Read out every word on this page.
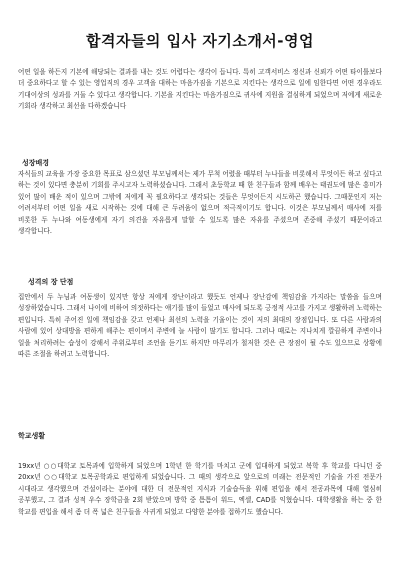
합격자들의 입사 자기소개서-영업

어떤 일을 하든지 기본에 해당되는 결과를 내는 것도 어렵다는 생각이 듭니다. 특히 고객서비스 정신과 신뢰가 어떤 타이틀보다 더 중요하다고 할 수 있는 영업직의 경우 고객을 대하는 마음가짐을 기본으로 지킨다는 생각으로 일에 임한다면 어떤 경우라도 기대이상의 성과를 거둘 수 있다고 생각합니다. 기본을 지킨다는 마음가짐으로 귀사에 지원을 결심하게 되었으며 저에게 새로운 기회라 생각하고 최선을 다하겠습니다

성장배경

자식들의 교육을 가장 중요한 목표로 삼으셨던 부모님께서는 제가 무척 어렸을 때부터 누나들을 비롯해서 무엇이든 하고 싶다고 하는 것이 있다면 충분히 기회를 주시고자 노력하셨습니다. 그래서 초등학교 때 한 친구들과 함께 배우는 태권도에 많은 흥미가 있어 많이 배운 적이 있으며 그밖에 저에게 꼭 필요하다고 생각되는 것들은 무엇이든지 시도하곤 했습니다. 그때문인지 저는 어려서부터 어떤 일을 새로 시작하는 것에 대해 큰 두려움이 없으며 적극적이기도 합니다. 이것은 부모님께서 매사에 저를 비롯한 두 누나와 여동생에게 자기 의견을 자유롭게 말할 수 있도록 많은 자유를 주셨으며 존중해 주셨기 때문이라고 생각합니다.

성격의 장 단점

집안에서 두 누님과 여동생이 있지만 항상 저에게 장난이라고 했듯도 언제나 장난감에 책임감을 가지라는 말씀을 들으며 성장하였습니다. 그래서 나이에 비하여 의젓하다는 얘기를 많이 들었고 매사에 되도록 긍정적 사고를 가지고 생활하려 노력하는 편입니다. 특히 주어진 일에 책임감을 갖고 언제나 최선의 노력을 기울이는 것이 저의 최대의 장점입니다. 또 다른 사람과의 사람에 있어 상대방을 편하게 해주는 편이며서 주변에 늘 사람이 많기도 합니다. 그러나 때로는 지나치게 깔끔하게 주변이나 일을 처리하려는 습성이 강해서 주위로부터 조언을 듣기도 하지만 마무리가 철저한 것은 큰 장점이 될 수도 있으므로 상황에 따른 조절을 하려고 노력합니다.

학교생활

19xx년 ○○대학교 토목과에 입학하게 되었으며 1학년 한 학기를 마치고 군에 입대하게 되었고 복학 후 학교를 다니던 중 20xx년 ○○대학교 토목공학과로 편입하게 되었습니다. 그 때의 생각으로 앞으로의 미래는 전문적인 기술을 가진 전문가 시대라고 생각했으며 건설이라는 분야에 대한 더 전문적인 지식과 기술습득을 위해 편입을 해서 전공과목에 대해 열심히 공부했고, 그 결과 성적 우수 장학금을 2회 받았으며 방학 중 틈틈이 워드, 엑셀, CAD를 익혔습니다. 대학생활을 하는 중 한 학교를 편입을 해서 좀 더 폭 넓은 친구들을 사귀게 되었고 다양한 분야를 접하기도 했습니다.
